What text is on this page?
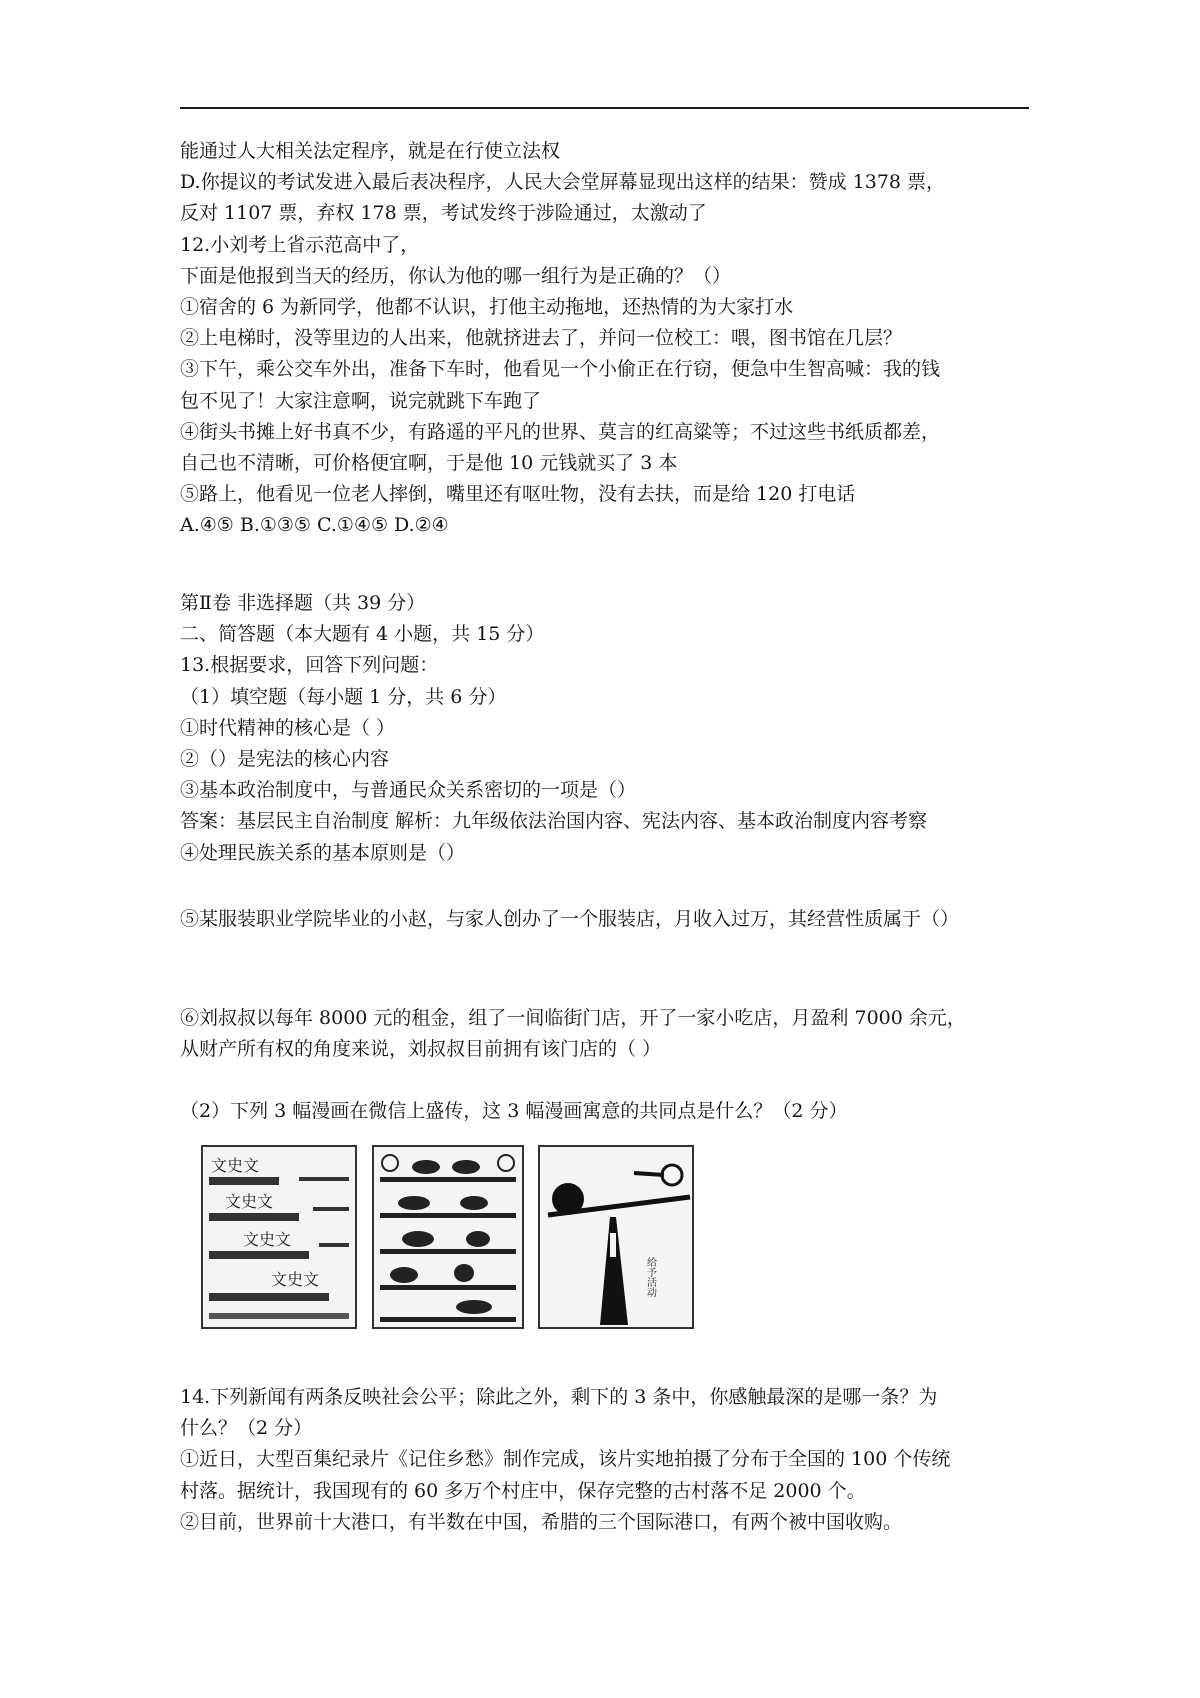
能通过人大相关法定程序，就是在行使立法权
D.你提议的考试发进入最后表决程序，人民大会堂屏幕显现出这样的结果：赞成 1378 票，
反对 1107 票，弃权 178 票，考试发终于涉险通过，太激动了
12.小刘考上省示范高中了，
下面是他报到当天的经历，你认为他的哪一组行为是正确的？（）
①宿舍的 6 为新同学，他都不认识，打他主动拖地，还热情的为大家打水
②上电梯时，没等里边的人出来，他就挤进去了，并问一位校工：喂，图书馆在几层？
③下午，乘公交车外出，准备下车时，他看见一个小偷正在行窃，便急中生智高喊：我的钱
包不见了！大家注意啊，说完就跳下车跑了
④街头书摊上好书真不少，有路遥的平凡的世界、莫言的红高粱等；不过这些书纸质都差，
自己也不清晰，可价格便宜啊，于是他 10 元钱就买了 3 本
⑤路上，他看见一位老人摔倒，嘴里还有呕吐物，没有去扶，而是给 120 打电话
A.④⑤ B.①③⑤ C.①④⑤ D.②④
第Ⅱ卷 非选择题（共 39 分）
二、简答题（本大题有 4 小题，共 15 分）
13.根据要求，回答下列问题：
（1）填空题（每小题 1 分，共 6 分）
①时代精神的核心是（ ）
②（）是宪法的核心内容
③基本政治制度中，与普通民众关系密切的一项是（）
答案：基层民主自治制度 解析：九年级依法治国内容、宪法内容、基本政治制度内容考察
④处理民族关系的基本原则是（）
⑤某服装职业学院毕业的小赵，与家人创办了一个服装店，月收入过万，其经营性质属于（）
⑥刘叔叔以每年 8000 元的租金，组了一间临街门店，开了一家小吃店，月盈利 7000 余元，
从财产所有权的角度来说，刘叔叔目前拥有该门店的（ ）
（2）下列 3 幅漫画在微信上盛传，这 3 幅漫画寓意的共同点是什么？（2 分）
文史文
文史文
文史文
文史文	给予活动
14.下列新闻有两条反映社会公平；除此之外，剩下的 3 条中，你感触最深的是哪一条？为
什么？（2 分）
①近日，大型百集纪录片《记住乡愁》制作完成，该片实地拍摄了分布于全国的 100 个传统
村落。据统计，我国现有的 60 多万个村庄中，保存完整的古村落不足 2000 个。
②目前，世界前十大港口，有半数在中国，希腊的三个国际港口，有两个被中国收购。
